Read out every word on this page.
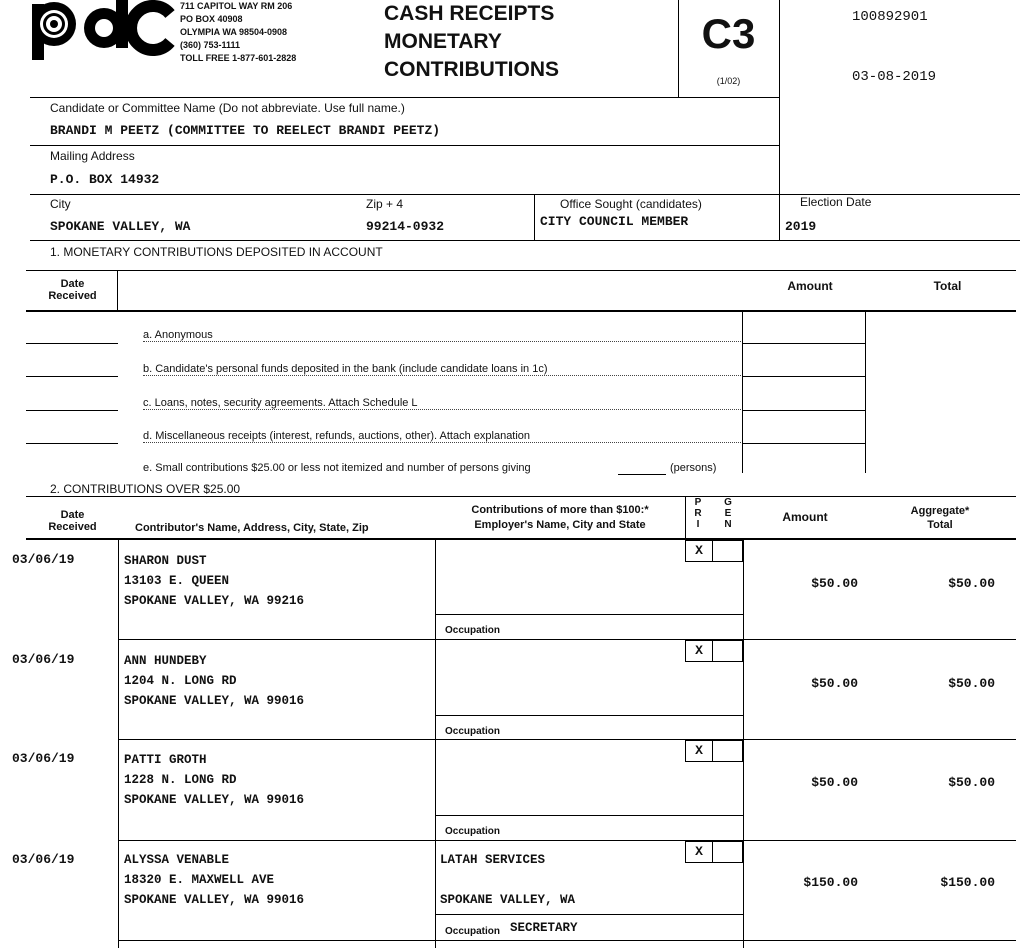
711 CAPITOL WAY RM 206
PO BOX 40908
OLYMPIA WA 98504-0908
(360) 753-1111
TOLL FREE 1-877-601-2828
CASH RECEIPTS
MONETARY
CONTRIBUTIONS
C3
(1/02)
100892901
03-08-2019
Candidate or Committee Name (Do not abbreviate. Use full name.)
BRANDI M PEETZ (COMMITTEE TO REELECT BRANDI PEETZ)
Mailing Address
P.O. BOX 14932
City
SPOKANE VALLEY, WA
Zip + 4
99214-0932
Office Sought (candidates)
CITY COUNCIL MEMBER
Election Date
2019
1. MONETARY CONTRIBUTIONS DEPOSITED IN ACCOUNT
Date Received
Amount	Total
a. Anonymous
b. Candidate's personal funds deposited in the bank (include candidate loans in 1c)
c. Loans, notes, security agreements. Attach Schedule L
d. Miscellaneous receipts (interest, refunds, auctions, other). Attach explanation
e. Small contributions $25.00 or less not itemized and number of persons giving	(persons)
2. CONTRIBUTIONS OVER $25.00
Date Received	Contributor's Name, Address, City, State, Zip
Contributions of more than $100:*
Employer's Name, City and State
P R I
G E N
Amount	Aggregate*
Total
03/06/19	SHARON DUST
13103 E. QUEEN
SPOKANE VALLEY, WA 99216
X
Occupation
$50.00	$50.00
03/06/19	ANN HUNDEBY
1204 N. LONG RD
SPOKANE VALLEY, WA 99016
X
Occupation
$50.00	$50.00
03/06/19	PATTI GROTH
1228 N. LONG RD
SPOKANE VALLEY, WA 99016
X
Occupation
$50.00	$50.00
03/06/19	ALYSSA VENABLE
18320 E. MAXWELL AVE
SPOKANE VALLEY, WA 99016
LATAH SERVICES
SPOKANE VALLEY, WA
X
Occupation SECRETARY
$150.00	$150.00
